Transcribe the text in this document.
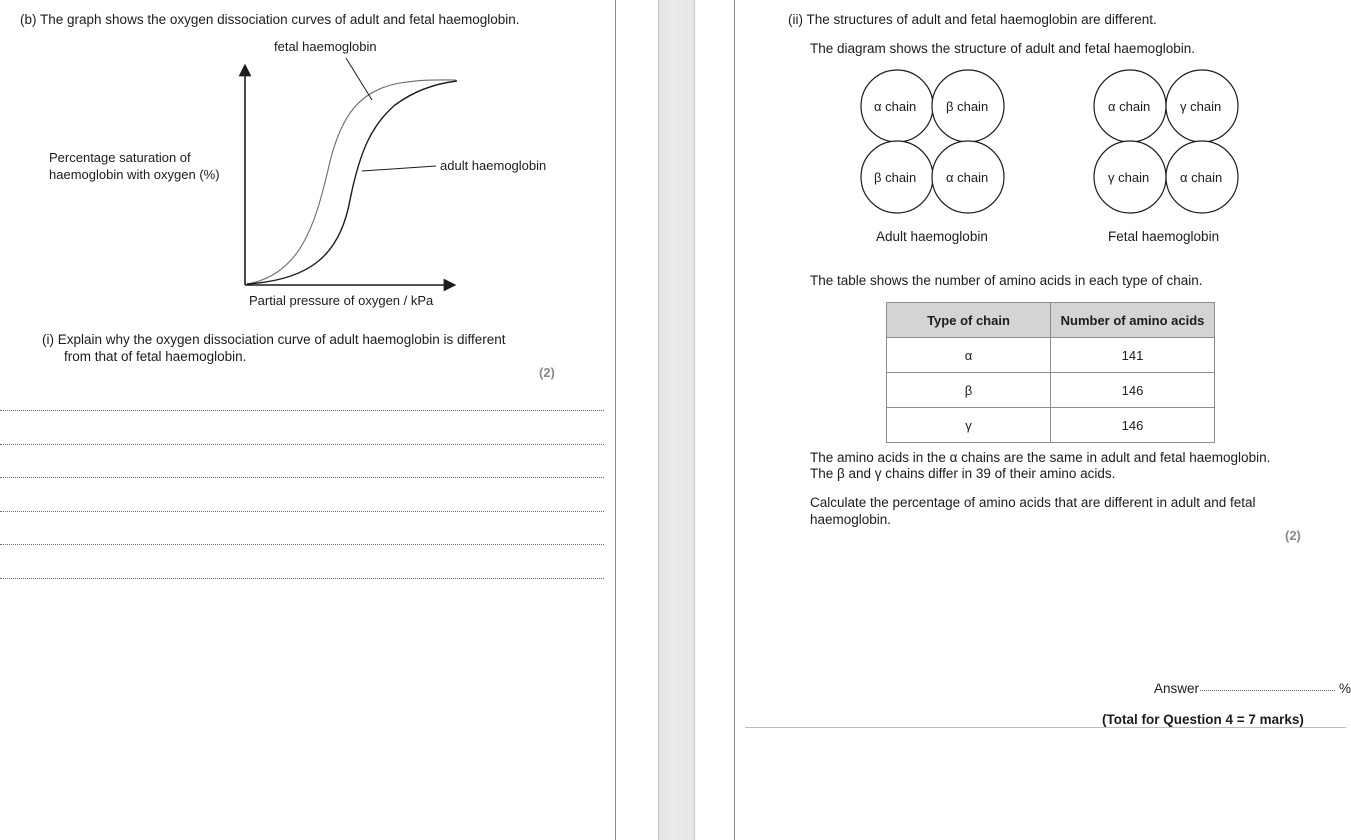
(b) The graph shows the oxygen dissociation curves of adult and fetal haemoglobin.
fetal haemoglobin
adult haemoglobin
Percentage saturation of
haemoglobin with oxygen (%)
Partial pressure of oxygen / kPa
(i) Explain why the oxygen dissociation curve of adult haemoglobin is different
from that of fetal haemoglobin.
(2)
(ii) The structures of adult and fetal haemoglobin are different.
The diagram shows the structure of adult and fetal haemoglobin.
α chain β chain
β chain α chain
α chain γ chain
γ chain α chain
Adult haemoglobin	Fetal haemoglobin
The table shows the number of amino acids in each type of chain.
Type of chain	Number of amino acids
α	141
β	146
γ	146
The amino acids in the α chains are the same in adult and fetal haemoglobin.
The β and γ chains differ in 39 of their amino acids.
Calculate the percentage of amino acids that are different in adult and fetal
haemoglobin.
(2)
Answer	%
(Total for Question 4 = 7 marks)
